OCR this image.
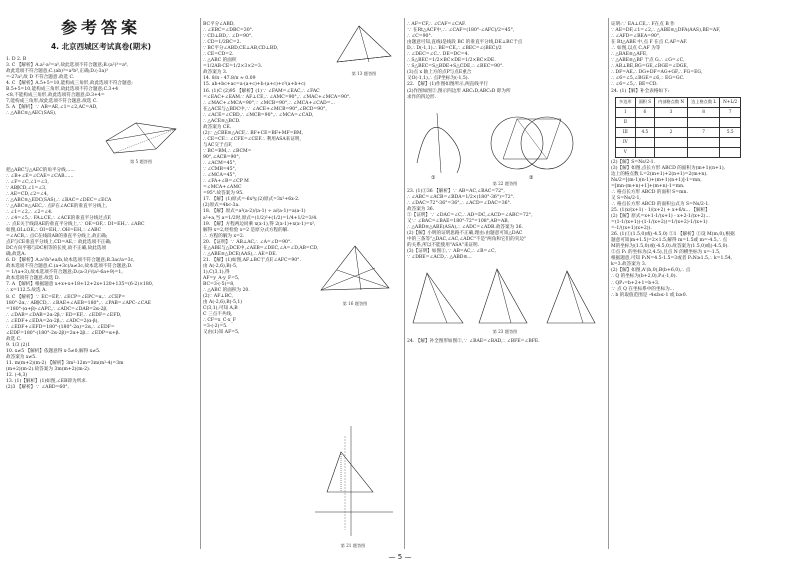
参考答案
4. 北京西城区考试真卷(期末)
1. D 2. B
3. C 【解析】A.a²·a³=a⁵,故此选项不符合题意;B.(a²)³=a⁶,
故此选项不符合题意;C.(ab)³=a³b³,正确;D.(-3a)³
=-27a³,故 D 不符合题意.故选 C.
4. C 【解析】A.5+5=10,能构成三角形,故此选项不符合题意;
B.5+5=10,能构成三角形,故此选项不符合题意;C.3+4
<8,不能构成三角形,故此选项符合题意;D.3+4=
7,能构成三角形,故此选项不符合题意.故选 C.
5. A 【解析】∵ AB=AE,∠1=∠2,AC=AD,
∴ △ABC≌△AEC(SAS),
第 5 题答图
把△ABC与△AEC的角平分线……
∴ ∠B+∠E=∠CAE=∠CAB……
∴ ∠F=∠C,∠1=∠3,
∵ AB∥CD,∠1=∠3,
∴ AE=CD,∠2=∠4,
∴ △ABC≌△EDC(SAS),∴ ∠BAC=∠DEC=∠ECA
∵ △ABC≌△AEC,∴ 点F在∠ACE的垂直平分线上,
∴ ∠1=∠2,∴ ∠2=∠4.
∴ ∠4=∠5,∴ FA⊥CE,∴ ∠ACE的垂直平分线过点F,
∴ 点E关于线段AE的垂直平分线上,∵ OE=OF,∴ DI=EH,∴ ∠ABC
如图,OI⊥OE,∴ OI=EH,∴ OH=EH,∴ ∠ABC
=∠ACB,∴ 点C在线段AB的垂直平分线上,故正确;
点F与CE垂直平分线上,CD=AE,∵ 故此选项不正确;
DC方向平移与DC相等的长度,故不正确,故此选项
确,故选A.
6. D 【解析】A.a²/b³≠a/b,故本选项不符合题意;B.3ac/a=3c,
故本选项不符合题意;C.(a+3c)/a≠3c,故本选项不符合题意;D.
= 1/(a+3),故本选项不符合题意;D.(a-3)²/(a²-6a+9)=1,
故本选项符合题意.故选 D.
7. A 【解析】根据题意 x+x+x+18+12+2x+120+135=(6-2)×180,
∴ x=112.5.故选 A.
8. C 【解析】∵ EC=EP,∴ ∠ECP=∠EPC=α,∴ ∠CEP=
180°-2α,∵ AB∥CD,∴ ∠BAE+∠AEB=180°,∴ ∠PAB=∠APC-∠CAE
=180°-(α+β)-∠APC,∴ ∠ADC=∠DAB=2α-2β,
∴ ∠DAB=∠DAB=2α-2β,∵ ED=EF,∴ ∠EDF=∠EFD,
∴ ∠EDF+∠EDA=2α-2β,∴ ∠ADC=2(α-β),
∴ ∠EDF+∠EFD=180°-(180°-2α)=2α,∴ ∠EDF=
∠EDF=180°-(180°-2α-2β)=2α+2β.∴ ∠EDP=α+β.
故选 C.
9. 1/3 (2)1
10. x≠5 【解析】依题意得 x-5≠0,解得 x≠5.
故答案为 x≠5.
11. m(m+2)(m-2) 【解析】3m²-12m=3m(m²-4)=3m
(m+2)(m-2).故答案为 3m(m+2)(m-2).
12. (-4,3)
13. (1)【解析】(1)如图,∠EB即为所求.
(2)3 【解析】∵ ∠ABD=60°,
第 13 题答图
BC平分∠ABD,
∴ ∠EBC=∠DBC=30°.
∵ CD⊥BD,∴ ∠D=90°.
∴ CD=1/2BC=2.
∵ BC平分∠ABD,CE⊥AB,CD⊥BD,
∴ CE=CD=2.
∴ △ABC 的面积
=1/2AB·CE=1/2×3×2=3.
故答案为 3.
14. 8/π - 47.8/π ≈ 0.09
15. ab+bc+ac=a·(a+c)+b·(a+c)+c²(a+b+c)
16. (1)C (2)95 【解析】(1)∵ ∠FAM=∠EAC,∴ ∠FAC
=∠EAC+∠EAM.∵ AF⊥CE,∴ ∠AMC=90°,∴ ∠MAC+∠MCA=90°.
∴ ∠MAC+∠MCA=90°,∵ ∠MCB=90°,∴ ∠MCA+∠CAD=...
在△ACE与△BDC中,∵ ∠ACE+∠MCB=90°,∠BCD=90°,
∴ ∠ACE=∠CBD,∴ ∠MCB=90°,∴ ∠MCA=∠CAD,
∴ △ACE≌△BCD.
故答案为 CE.
(2)∵ △CBE≌△ACF,∴ BF+CE=BF+MF=BM,
∴ CE=CF.∴ ∠CFE=∠CEF.∴ 利用ASA来证明,
与AC交于点F,
∵ BC=BM,∴ ∠BCM=
90°,∠ACB=90°,
∴ ∠ACM=45°,
∵ ∠CMB=45°,
∴ ∠MCA=45°,
∴ ∠FA+∠B=∠CP M
=∠MCA+∠AMC
=95°.故答案为 95.
17. 【解】(1)原式=-6x³y,(2)原式=3x²+6x-2.
(2)原式=4bc-3a.
18. 【解】原式=a²(a-2)/(a-1) ÷ a/(a-1)=a(a-1)
a²+a,当 a=1/2时,原式=(1/2)²+(1/2)=1/4+1/2=3/4.
19. 【解】方程两边同乘 x(x-1),得 2(x-1)+x(x-1)=x²,
解得 x=2,经检验 x=2 是原分式方程的解.
∴ 方程的解为 x=2.
20. 【证明】∵ AB⊥AC,∴ ∠A=∠D=90°.
在△ABE与△DCE中,∠AEB=∠DEC,∠A=∠D,AB=CD,
∴ △ABE≌△DCE(AAS),∴ AE=DE.
21. 【解】(1)如图,AF⊥BC于点F,∠AFC=90°.
由 A(-2,6),B(-5,
1),C(3,1),得
AF=y_A-y_F=5,
BC=3-(-5)=8,
∴ △ABC 的面积为 20.
(2)∵ AF⊥BC,
由 A(-2,6),B(-5,1)
C(3,1),可知 A,B
C 三点不共线,
∴ CF=x_C-x_F
=3-(-2)=5.
又由(1)知 AF=5,
第 16 题答图
第 21 题答图
∴ AF=CF,∴ ∠CAF=∠CAF.
∵ 在Rt△ACF中,∴ ∠CAF=(180°-∠AFC)/2=45°,
∴ ∠C=90°.
由题意可知,直线l是线段 BC 的垂直平分线,DE⊥BC于点
D,∴ D(-1,1).∴ BE=CE,∴ ∠BEC=∠(BEC)/2
∴ ∠DEC=∠C.∴ DE=DC=4.
∴ S△BEC=1/2×BC×DE=1/2×BC×DE.
∵ S△BEC=S△BDE+S△CDE,∴ ∠BEC=90°.
(3)点 x 轴上方的点P与点E重合
又O(-1,1),∴ 点P坐标为(-1,5).
22. 【解】(1)作图如图所示,两直线平行
(2)作图如图②,图示四边形 ABC₁D,ABC₂D 即为所
求作的四边形.
①	②
第 22 题答图
23. (1)①36 【解析】∵ AB=AC,∠BAC=72°,
∴ ∠ABC=∠ACB=∠BDA=1/2×(180°-36°)=72°.
∴ ∠DAC=72°-36°=36°,∴ ∠ACD=∠DAC=36°.
故答案为 36.
②【证明】∵ ∠DAC=∠C,∴ AD=DC,∠ACD=∠ABC=72°,
又∵ ∠BAC=∠BAE=180°-72°=108°,AB=AB,
∴ △ABD≌△ABE(ASA),∴ ∠ADC=∠ADB.故答案为 36.
(2)【解】小明的证明思路不正确,理由:由题意可知△DAC
中的三条等"△DAC,∠AC,∠ADC"不是"两角和它们的夹边"
的关系,所以不能使用"ASA"来证明.
(3)【证明】如图①,∵ AB=AC,∴ ∠B=∠C,
∵ ∠DBE=∠ACD,∴ △ABD≌...
第 23 题答图
24. 【解】补全图形如图②,∵ ∠BAE=∠BAD,∴ ∠BFE=∠BFE.
证明:∵ EA⊥CE,∴ F在点 B 作
∵ AE=DF,∠1=∠2,∴ △ABE≌△DFA(AAS),BE=AF,
∴ ∠AFD=∠BEA=90°,
在 Rt△ABE 中,点 F 在点 C,AF=AF.
∴ 如图,以点 C,AF 为等
∴ △BAE≌△AFE,
∵ △ABE≌△BF 于点 G,∴ ∠G=∠C,
∴ AB⊥BE,BG=GE,∠BGE=∠DGE,
∴ DF=AE,∴ DG+DF=AG+GF,∴ FG=EG,
∴ ∠6=∠5,∠BGE=∠6,∴ EG=GC.
∴ ∠6=∠5,∴ BE=CD.
24. (1)【解】补全表格如下:
多边形	面积 S	内部格点数 N	边上格点数 L	N+L/2
I	6	3	8	7
II				
III	4.5	2	7	5.5
IV				
V				
(2)【解】S=Ns/2-1.
(3)【解】如图,点长方形 ABCD 的面积为(m+1)(n+1),
边上的格点数 L=2(m+1)+2(n+1)=2(m+n).
Ns/2=[(m-1)(n-1)+(m+1)(n+1)]-1=mn,
=[mn-(m+n)+1]+(m+n)-1=mn.
∴ 格点长方形 ABCD 的面积 S=mn.
又 S=Ns/2-1,
∴ 格点长方形 ABCD 的面积公式为 S=Ns/2-1.
25. (1)x/(x+1) - 1/(x+2) + x+6/x... 【解析】
(2)【解】原式=x+1-1/(x+1) - x+2-1/(x+2)...
=(1-1/(x+1))-(1-1/(x+2))=1/(x+2)-1/(x+1)
=-1/((x+1)(x+2)).
26. (1)①(1.5,0)或(-4.5,0) ②1 【解析】①设 M(m,0),根据
题意可知|m+1.5|=2×1.5,解得 m=1.5或 m=-4.5,∴ 点
M的坐标为(1.5,0)或(-4.5,0).故答案为(1.5,0)或(-4.5,0).
②点 P₁ 的坐标为(2,4.5),且点 N 的横坐标为 x=-1.5,
根据题意,可知 P₁N=4.5-1.5=3或者 P₁N≥1.5,∴ k=1.54,
k=3.故答案为 3.
(2)【解】如图,A'(b,0),B(b+6,0),∴ 点
∴ Q 的坐标为(b+2,0),P₁(-1,0).
∴ QP₁=b+2+1=b+3.
∵ 点 Q 在坐标系中的坐标为...
∴ b 的取值范围是 -4≤b≤-1 或 b≥0.
— 5 —
